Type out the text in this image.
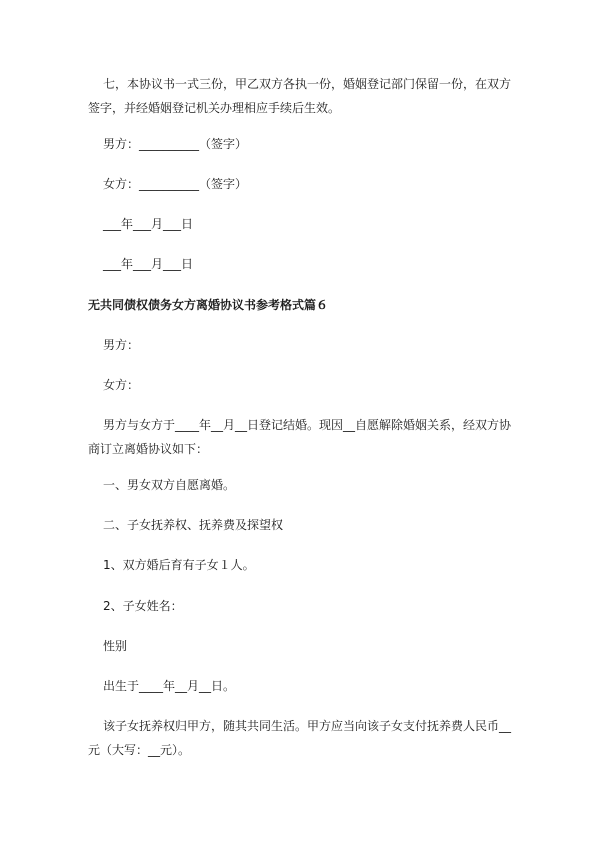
七，本协议书一式三份，甲乙双方各执一份，婚姻登记部门保留一份，在双方签字，并经婚姻登记机关办理相应手续后生效。
男方：__________（签字）
女方：__________（签字）
___年___月___日
___年___月___日
无共同债权债务女方离婚协议书参考格式篇６
男方：
女方：
男方与女方于____年__月__日登记结婚。现因__自愿解除婚姻关系，经双方协商订立离婚协议如下：
一、男女双方自愿离婚。
二、子女抚养权、抚养费及探望权
1、双方婚后育有子女１人。
2、子女姓名：
性别
出生于____年__月__日。
该子女抚养权归甲方，随其共同生活。甲方应当向该子女支付抚养费人民币__元（大写：__元）。
